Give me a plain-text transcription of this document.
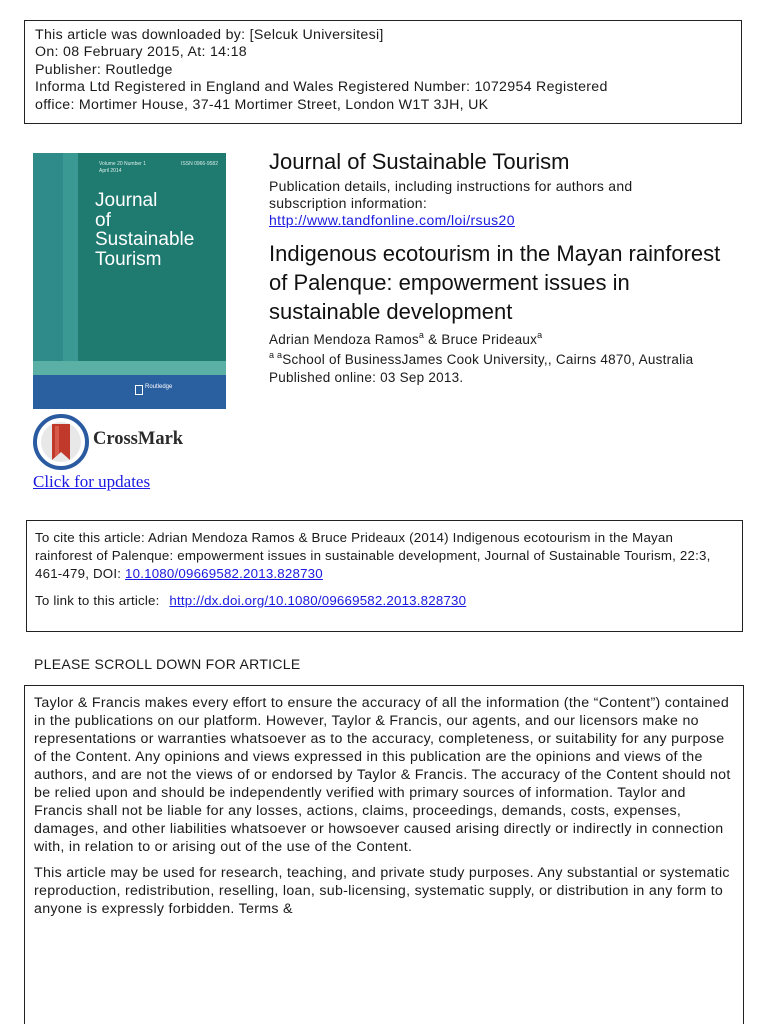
This article was downloaded by: [Selcuk Universitesi]
On: 08 February 2015, At: 14:18
Publisher: Routledge
Informa Ltd Registered in England and Wales Registered Number: 1072954 Registered
office: Mortimer House, 37-41 Mortimer Street, London W1T 3JH, UK
Volume 20 Number 1
April 2014
ISSN 0966-9582
Journal
of
Sustainable
Tourism
Routledge
CrossMark
Click for updates
Journal of Sustainable Tourism
Publication details, including instructions for authors and subscription information:
http://www.tandfonline.com/loi/rsus20
Indigenous ecotourism in the Mayan rainforest of Palenque: empowerment issues in sustainable development
Adrian Mendoza Ramos$^a$ & Bruce Prideaux$^a$
$^{a a}$School of BusinessJames Cook University,, Cairns 4870, Australia
Published online: 03 Sep 2013.
To cite this article: Adrian Mendoza Ramos & Bruce Prideaux (2014) Indigenous ecotourism in the Mayan rainforest of Palenque: empowerment issues in sustainable development, Journal of Sustainable Tourism, 22:3, 461-479, DOI: 10.1080/09669582.2013.828730
To link to this article: http://dx.doi.org/10.1080/09669582.2013.828730
PLEASE SCROLL DOWN FOR ARTICLE

Taylor & Francis makes every effort to ensure the accuracy of all the information (the “Content”) contained in the publications on our platform. However, Taylor & Francis, our agents, and our licensors make no representations or warranties whatsoever as to the accuracy, completeness, or suitability for any purpose of the Content. Any opinions and views expressed in this publication are the opinions and views of the authors, and are not the views of or endorsed by Taylor & Francis. The accuracy of the Content should not be relied upon and should be independently verified with primary sources of information. Taylor and Francis shall not be liable for any losses, actions, claims, proceedings, demands, costs, expenses, damages, and other liabilities whatsoever or howsoever caused arising directly or indirectly in connection with, in relation to or arising out of the use of the Content.

This article may be used for research, teaching, and private study purposes. Any substantial or systematic reproduction, redistribution, reselling, loan, sub-licensing, systematic supply, or distribution in any form to anyone is expressly forbidden. Terms &
